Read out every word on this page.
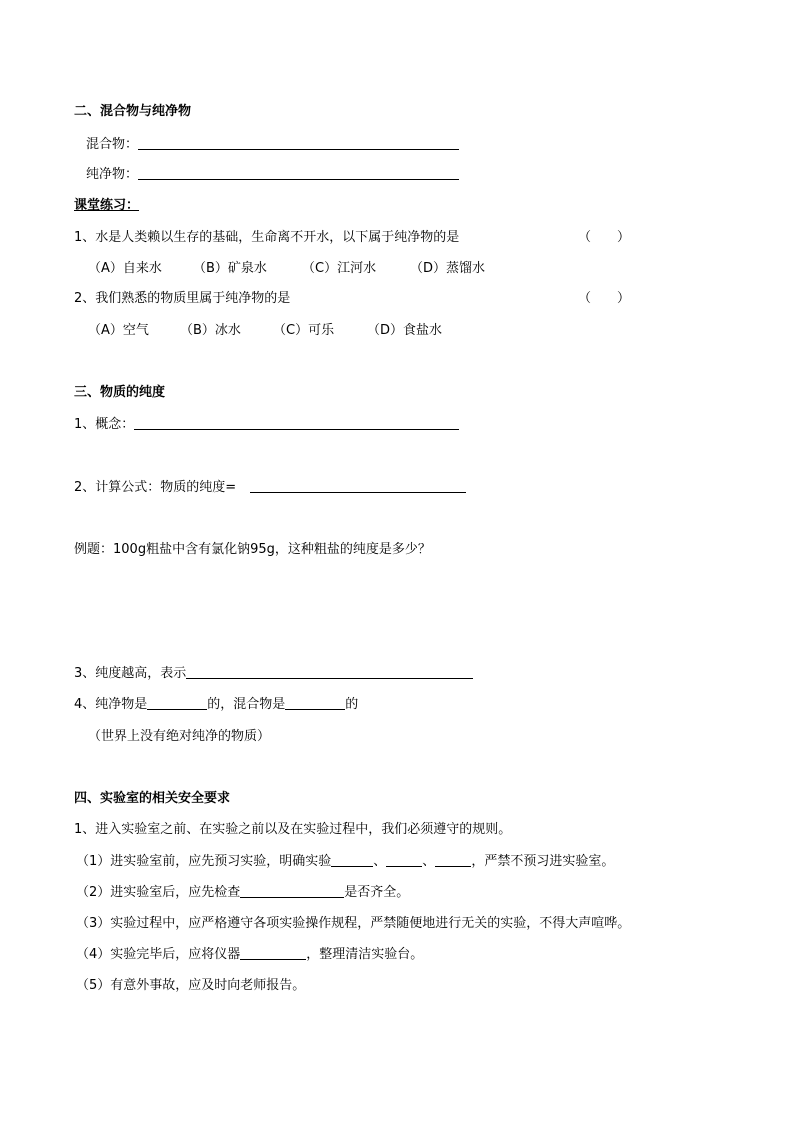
二、混合物与纯净物
混合物：
纯净物：
课堂练习：
1、水是人类赖以生存的基础，生命离不开水，以下属于纯净物的是	（　　）
（A）自来水 （B）矿泉水	（C）江河水	（D）蒸馏水
2、我们熟悉的物质里属于纯净物的是	（　　）
（A）空气 （B）冰水 （C）可乐	（D）食盐水
三、物质的纯度
1、概念：
2、计算公式：物质的纯度=
例题：100g粗盐中含有氯化钠95g，这种粗盐的纯度是多少？
3、纯度越高，表示
4、纯净物是	的，混合物是	的
（世界上没有绝对纯净的物质）
四、实验室的相关安全要求
1、进入实验室之前、在实验之前以及在实验过程中，我们必须遵守的规则。
（1）进实验室前，应先预习实验，明确实验	、	、	，严禁不预习进实验室。
（2）进实验室后，应先检查	是否齐全。
（3）实验过程中，应严格遵守各项实验操作规程，严禁随便地进行无关的实验，不得大声喧哗。
（4）实验完毕后，应将仪器	，整理清洁实验台。
（5）有意外事故，应及时向老师报告。
